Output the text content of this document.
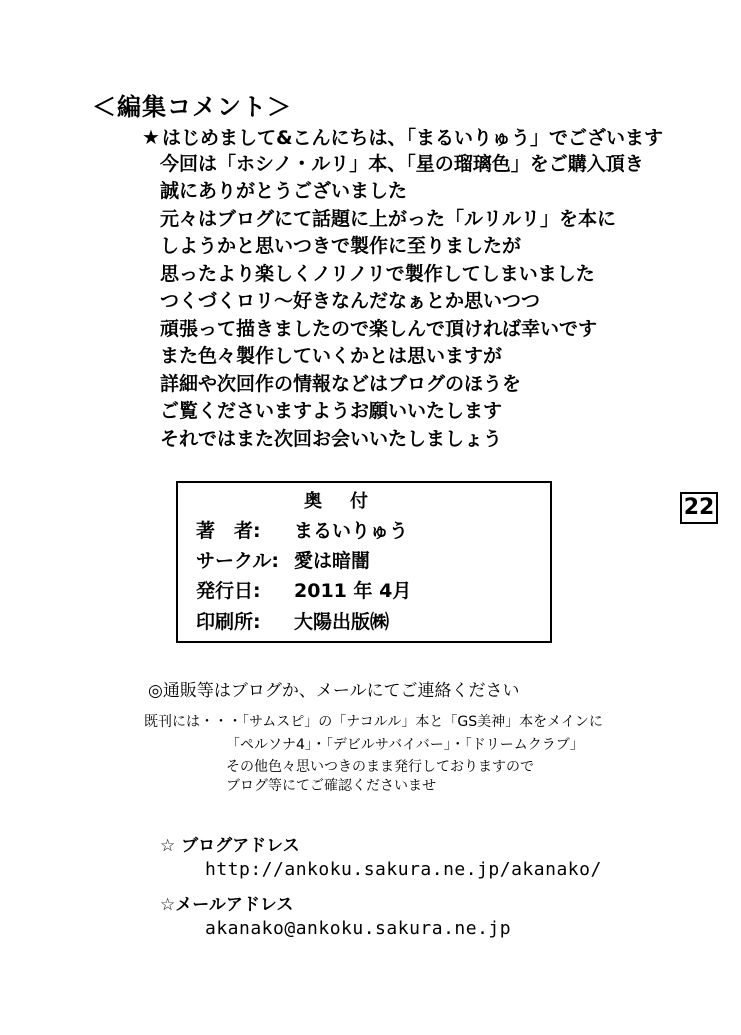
＜編集コメント＞
★ はじめまして&こんにちは、「まるいりゅう」でございます
今回は「ホシノ・ルリ」本、「星の瑠璃色」をご購入頂き
誠にありがとうございました
元々はブログにて話題に上がった「ルリルリ」を本に
しようかと思いつきで製作に至りましたが
思ったより楽しくノリノリで製作してしまいました
つくづくロリ～好きなんだなぁとか思いつつ
頑張って描きましたので楽しんで頂ければ幸いです
また色々製作していくかとは思いますが
詳細や次回作の情報などはブログのほうを
ご覧くださいますようお願いいたします
それではまた次回お会いいたしましょう
奥付
著　者: まるいりゅう
サークル: 愛は暗闇
発行日: 2011 年 4月
印刷所: 大陽出版㈱
22
◎通販等はブログか、メールにてご連絡ください
既刊には・・・「サムスピ」の「ナコルル」本と「GS美神」本をメインに
「ペルソナ4」・「デビルサバイバー」・「ドリームクラブ」
その他色々思いつきのまま発行しておりますので
ブログ等にてご確認くださいませ
☆ ブログアドレス
http://ankoku.sakura.ne.jp/akanako/
☆メールアドレス
akanako@ankoku.sakura.ne.jp
